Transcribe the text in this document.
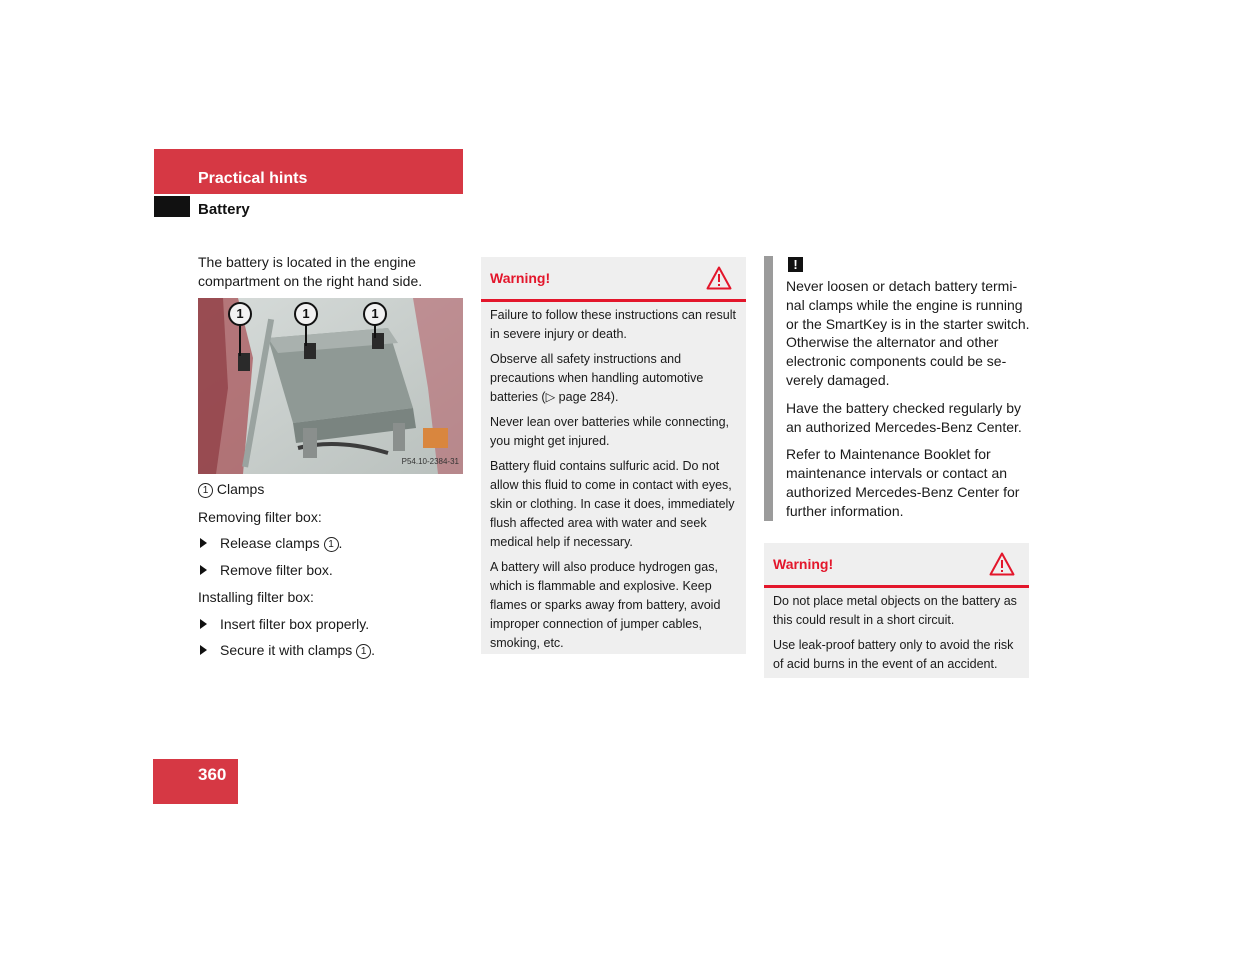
Practical hints
Battery

The battery is located in the engine compartment on the right hand side.

1	1	1
P54.10-2384-31

1 Clamps

Removing filter box:

Release clamps 1 .

Remove filter box.

Installing filter box:

Insert filter box properly.

Secure it with clamps 1 .

Warning!

Failure to follow these instructions can result in severe injury or death.

Observe all safety instructions and precautions when handling automotive batteries (▷ page 284).

Never lean over batteries while connecting, you might get injured.

Battery fluid contains sulfuric acid. Do not allow this fluid to come in contact with eyes, skin or clothing. In case it does, immediately flush affected area with water and seek medical help if necessary.

A battery will also produce hydrogen gas, which is flammable and explosive. Keep flames or sparks away from battery, avoid improper connection of jumper cables, smoking, etc.

!

Never loosen or detach battery termi-nal clamps while the engine is running or the SmartKey is in the starter switch. Otherwise the alternator and other electronic components could be se-verely damaged.

Have the battery checked regularly by an authorized Mercedes-Benz Center.

Refer to Maintenance Booklet for maintenance intervals or contact an authorized Mercedes-Benz Center for further information.

Warning!

Do not place metal objects on the battery as this could result in a short circuit.

Use leak-proof battery only to avoid the risk of acid burns in the event of an accident.

360
